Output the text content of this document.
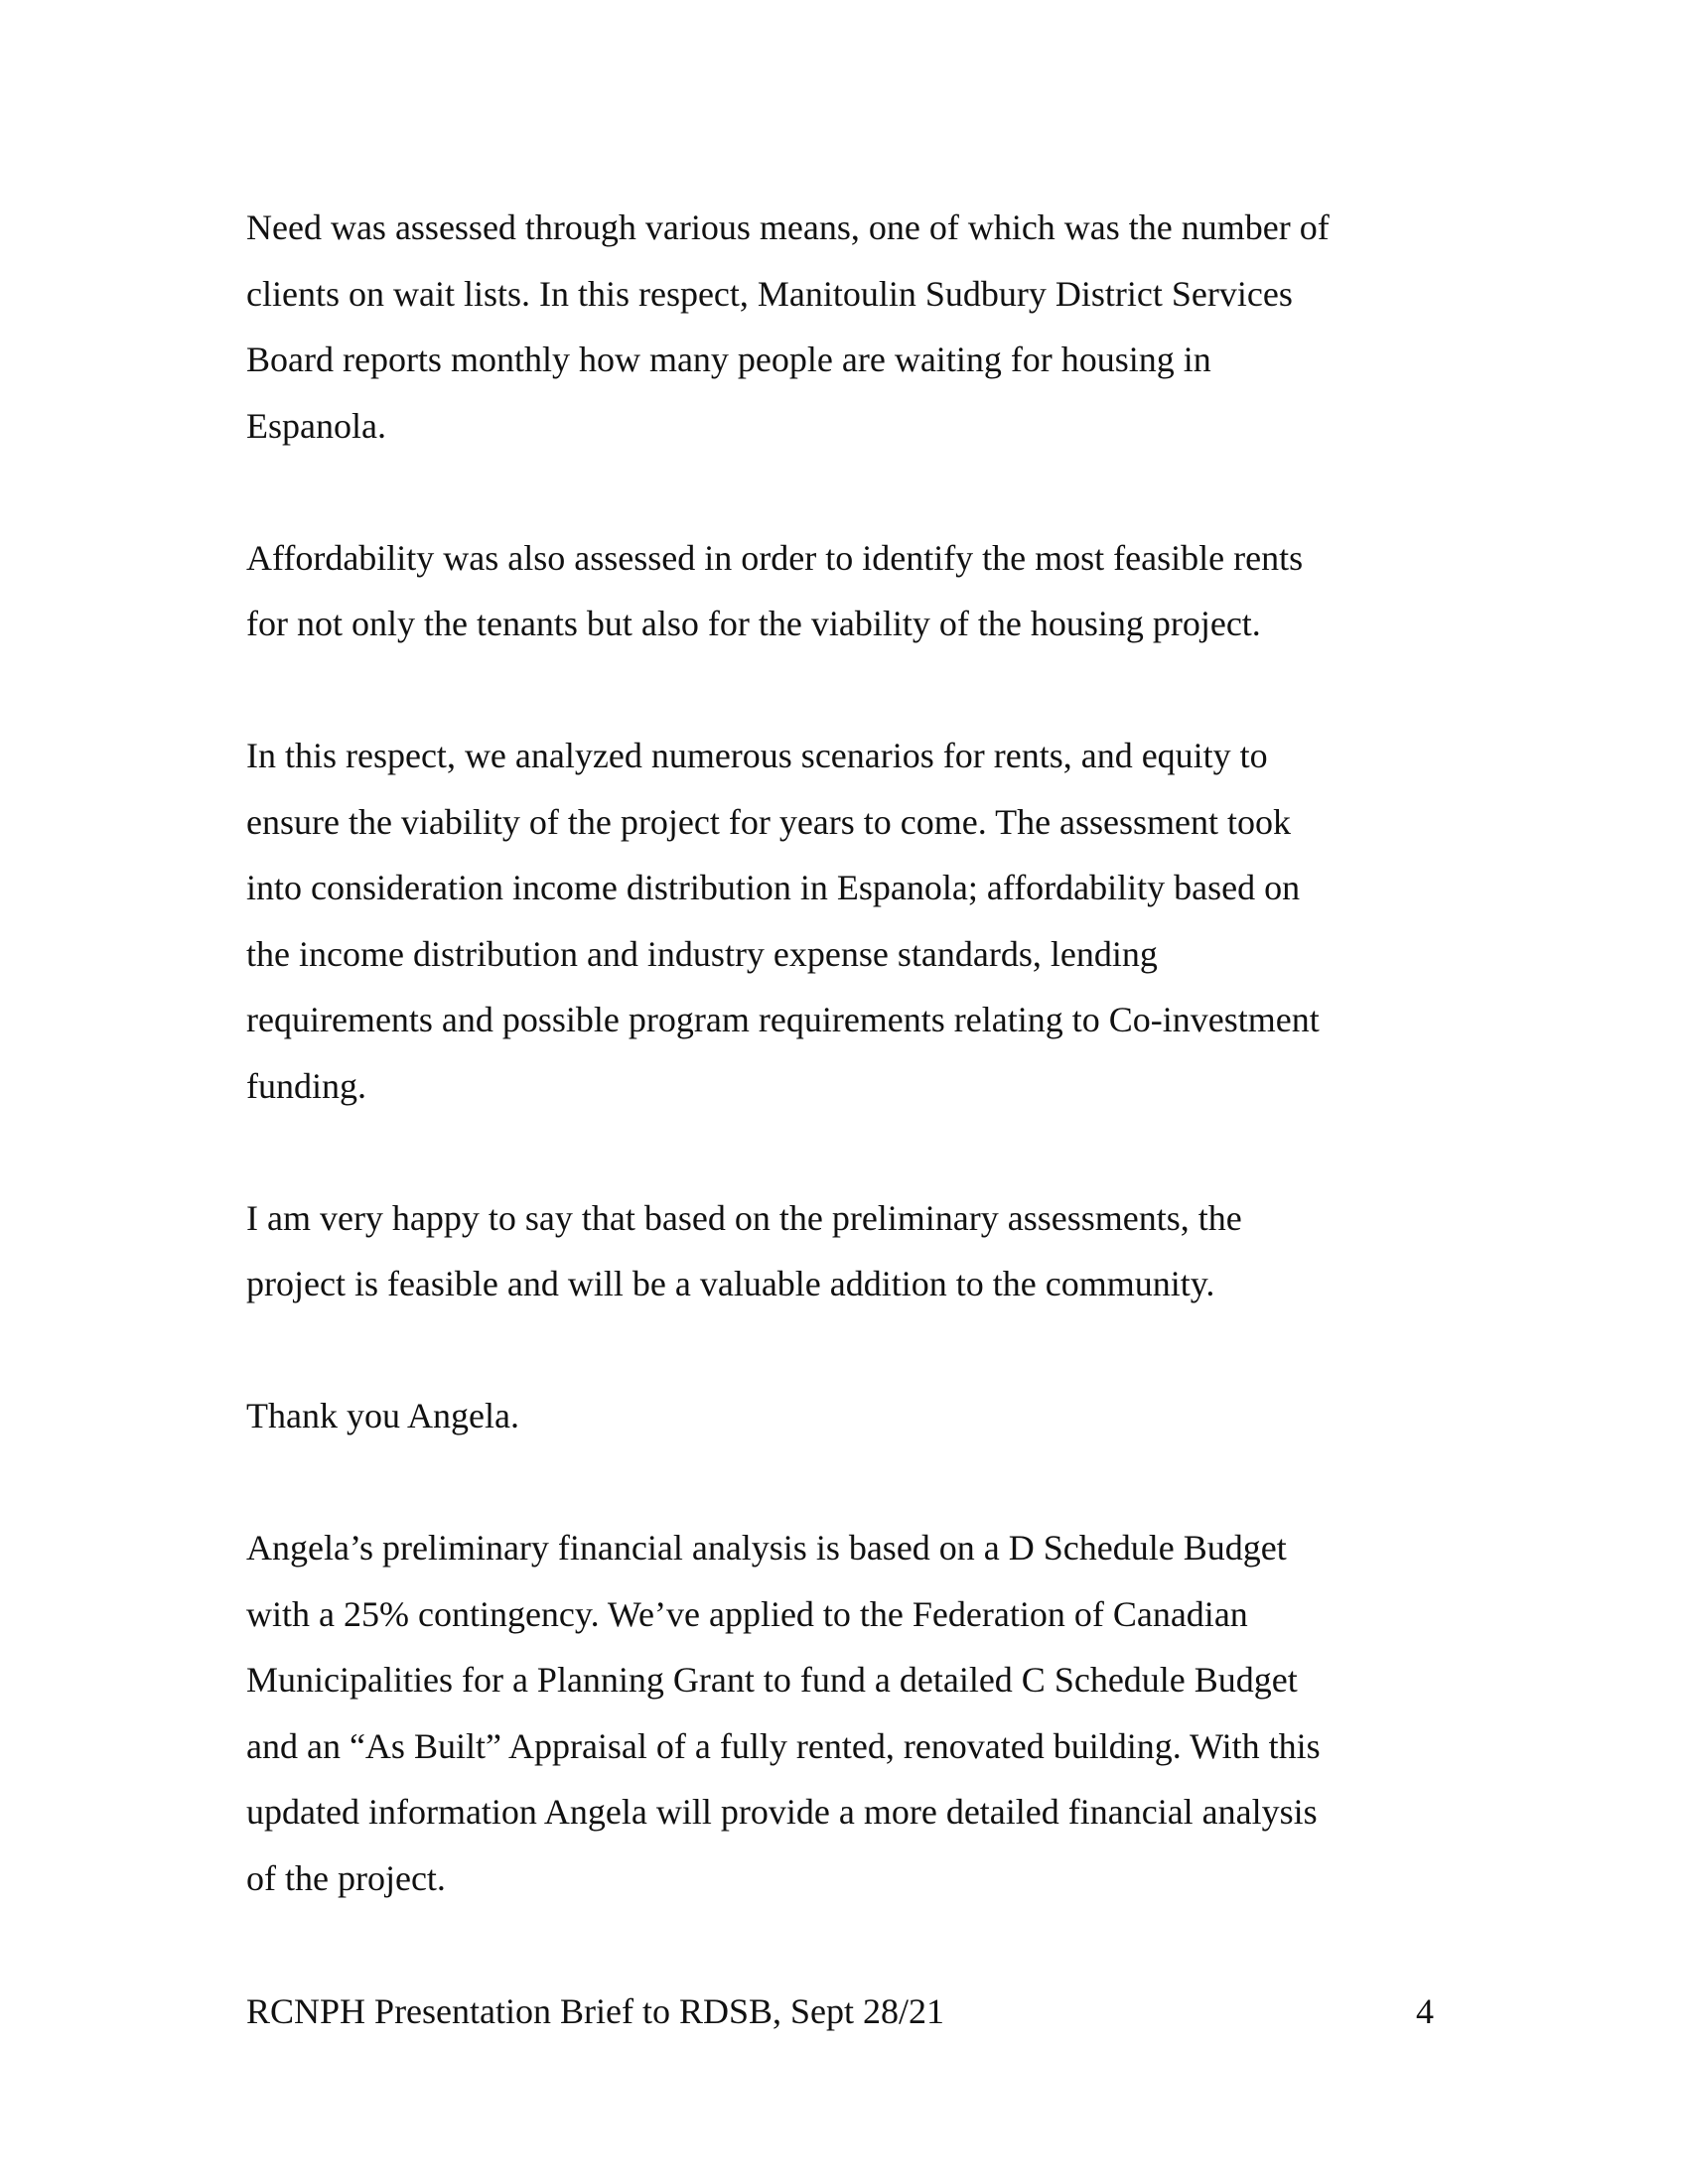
Need was assessed through various means, one of which was the number of
clients on wait lists. In this respect, Manitoulin Sudbury District Services
Board reports monthly how many people are waiting for housing in
Espanola.

Affordability was also assessed in order to identify the most feasible rents
for not only the tenants but also for the viability of the housing project.

In this respect, we analyzed numerous scenarios for rents, and equity to
ensure the viability of the project for years to come. The assessment took
into consideration income distribution in Espanola; affordability based on
the income distribution and industry expense standards, lending
requirements and possible program requirements relating to Co-investment
funding.

I am very happy to say that based on the preliminary assessments, the
project is feasible and will be a valuable addition to the community.

Thank you Angela.

Angela’s preliminary financial analysis is based on a D Schedule Budget
with a 25% contingency. We’ve applied to the Federation of Canadian
Municipalities for a Planning Grant to fund a detailed C Schedule Budget
and an “As Built” Appraisal of a fully rented, renovated building. With this
updated information Angela will provide a more detailed financial analysis
of the project.

RCNPH Presentation Brief to RDSB, Sept 28/21	4
